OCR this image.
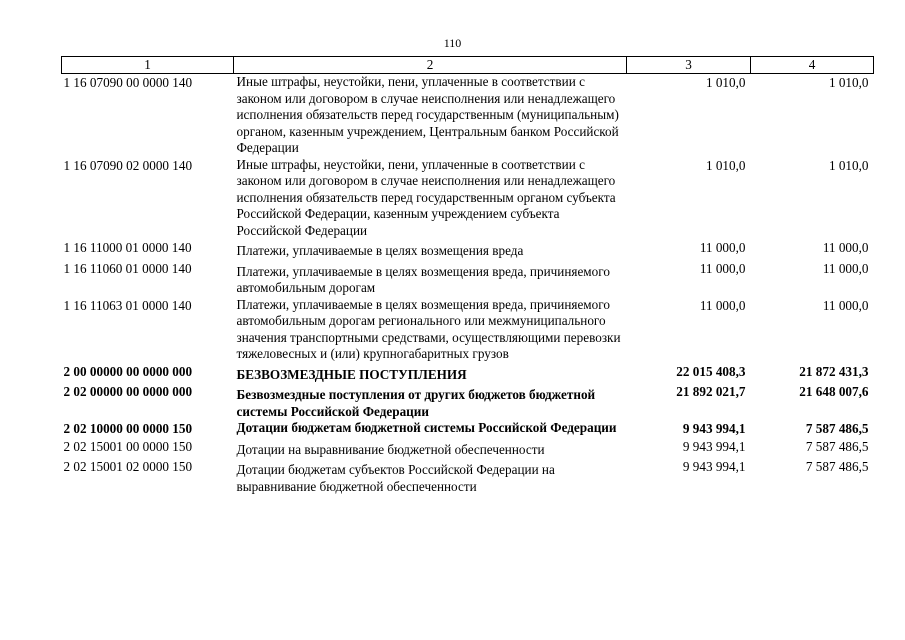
110
1	2	3	4
1 16 07090 00 0000 140	Иные штрафы, неустойки, пени, уплаченные в соответствии с законом или договором в случае неисполнения или ненадлежащего исполнения обязательств перед государственным (муниципальным) органом, казенным учреждением, Центральным банком Российской Федерации	1 010,0	1 010,0
1 16 07090 02 0000 140	Иные штрафы, неустойки, пени, уплаченные в соответствии с законом или договором в случае неисполнения или ненадлежащего исполнения обязательств перед государственным органом субъекта Российской Федерации, казенным учреждением субъекта Российской Федерации	1 010,0	1 010,0
1 16 11000 01 0000 140	Платежи, уплачиваемые в целях возмещения вреда	11 000,0	11 000,0
1 16 11060 01 0000 140	Платежи, уплачиваемые в целях возмещения вреда, причиняемого автомобильным дорогам	11 000,0	11 000,0
1 16 11063 01 0000 140	Платежи, уплачиваемые в целях возмещения вреда, причиняемого автомобильным дорогам регионального или межмуниципального значения транспортными средствами, осуществляющими перевозки тяжеловесных и (или) крупногабаритных грузов	11 000,0	11 000,0
2 00 00000 00 0000 000	БЕЗВОЗМЕЗДНЫЕ ПОСТУПЛЕНИЯ	22 015 408,3	21 872 431,3
2 02 00000 00 0000 000	Безвозмездные поступления от других бюджетов бюджетной системы Российской Федерации	21 892 021,7	21 648 007,6
2 02 10000 00 0000 150	Дотации бюджетам бюджетной системы Российской Федерации	9 943 994,1	7 587 486,5
2 02 15001 00 0000 150	Дотации на выравнивание бюджетной обеспеченности	9 943 994,1	7 587 486,5
2 02 15001 02 0000 150	Дотации бюджетам субъектов Российской Федерации на выравнивание бюджетной обеспеченности	9 943 994,1	7 587 486,5
